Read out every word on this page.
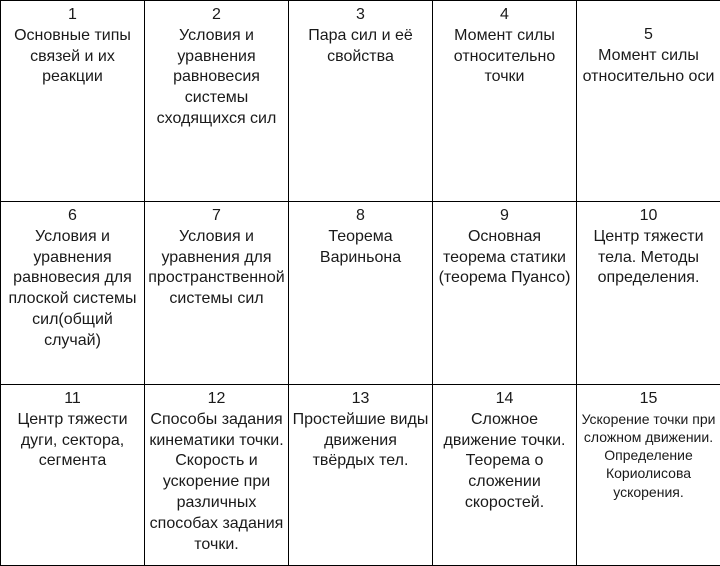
1
Основные типы связей и их реакции	2
Условия и уравнения равновесия системы сходящихся сил	3
Пара сил и её свойства	4
Момент силы относительно точки	5
Момент силы относительно оси

6
Условия и уравнения равновесия для плоской системы сил(общий случай)	7
Условия и уравнения для пространственной системы сил	8
Теорема Вариньона	9
Основная теорема статики (теорема Пуансо)	10
Центр тяжести тела. Методы определения.

11
Центр тяжести дуги, сектора, сегмента	12
Способы задания кинематики точки. Скорость и ускорение при различных способах задания точки.	13
Простейшие виды движения твёрдых тел.	14
Сложное движение точки. Теорема о сложении скоростей.	15
Ускорение точки при сложном движении. Определение Кориолисова ускорения.
